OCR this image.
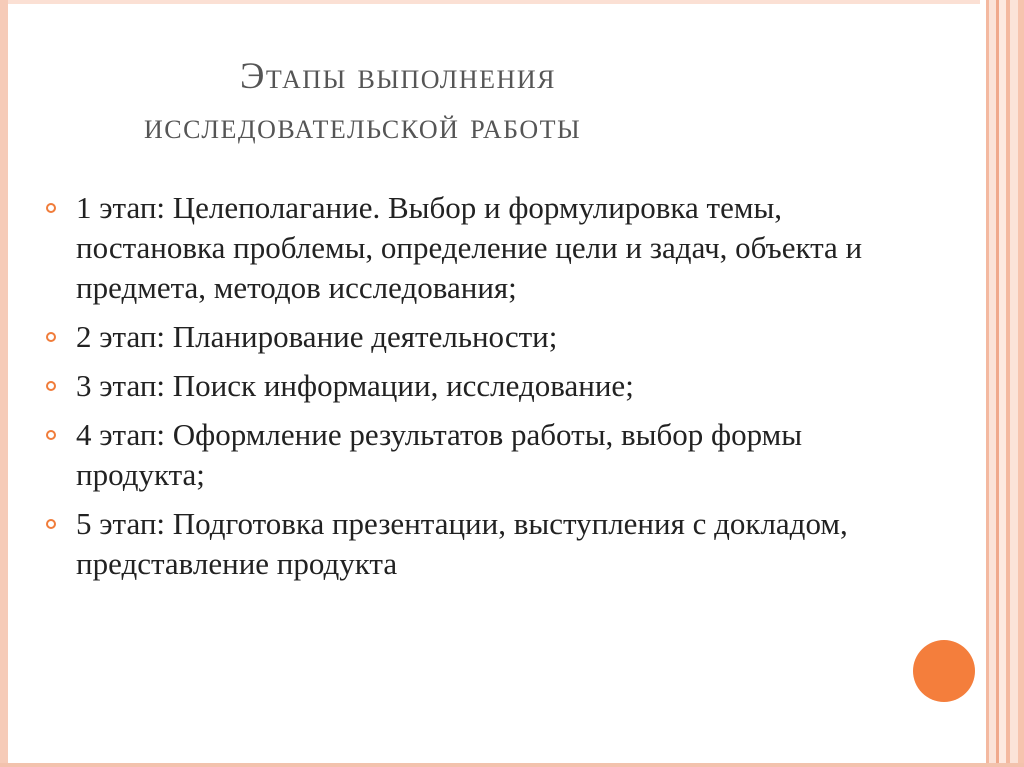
Этапы выполнения
исследовательской работы
1 этап: Целеполагание. Выбор и формулировка темы, постановка проблемы, определение цели и задач, объекта и предмета, методов исследования;
2 этап: Планирование деятельности;
3 этап: Поиск информации, исследование;
4 этап: Оформление результатов работы, выбор формы продукта;
5 этап: Подготовка презентации, выступления с докладом, представление продукта
